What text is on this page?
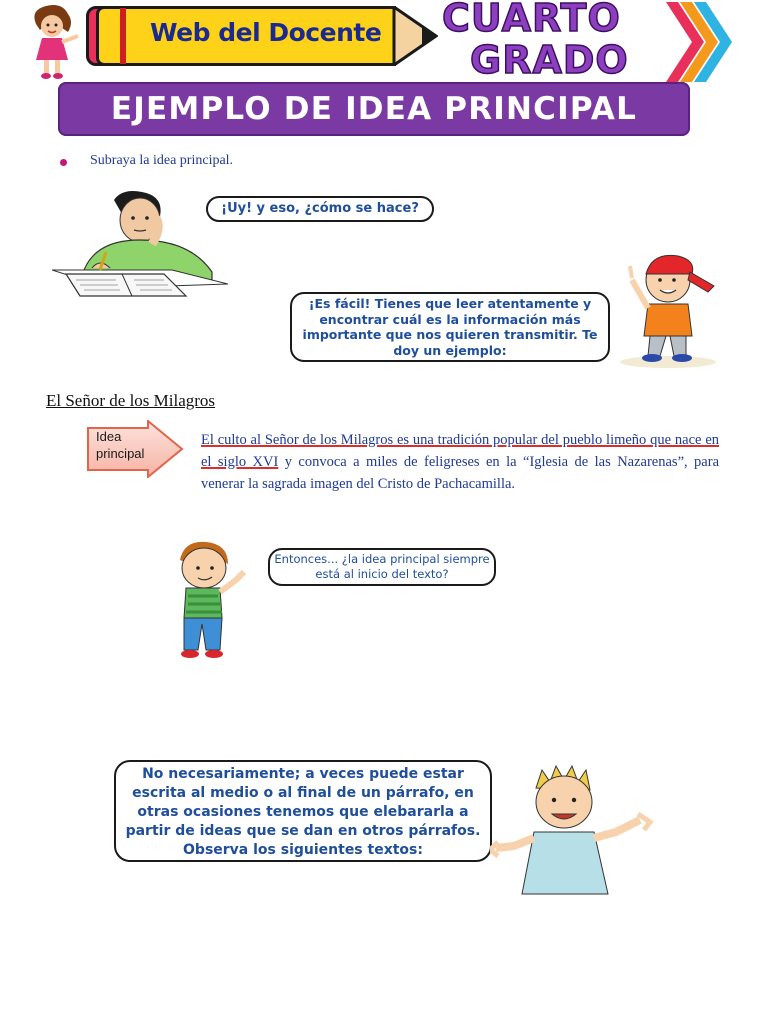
Web del Docente CUARTO
GRADO
EJEMPLO DE IDEA PRINCIPAL
Subraya la idea principal.
¡Uy! y eso, ¿cómo se hace?
¡Es fácil! Tienes que leer atentamente y encontrar cuál es la información más importante que nos quieren transmitir. Te doy un ejemplo:
El Señor de los Milagros
Idea principal
El culto al Señor de los Milagros es una tradición popular del pueblo limeño que nace en el siglo XVI y convoca a miles de feligreses en la “Iglesia de las Nazarenas”, para venerar la sagrada imagen del Cristo de Pachacamilla.
Entonces... ¿la idea principal siempre está al inicio del texto?
No necesariamente; a veces puede estar escrita al medio o al final de un párrafo, en otras ocasiones tenemos que elebararla a partir de ideas que se dan en otros párrafos. Observa los siguientes textos:
